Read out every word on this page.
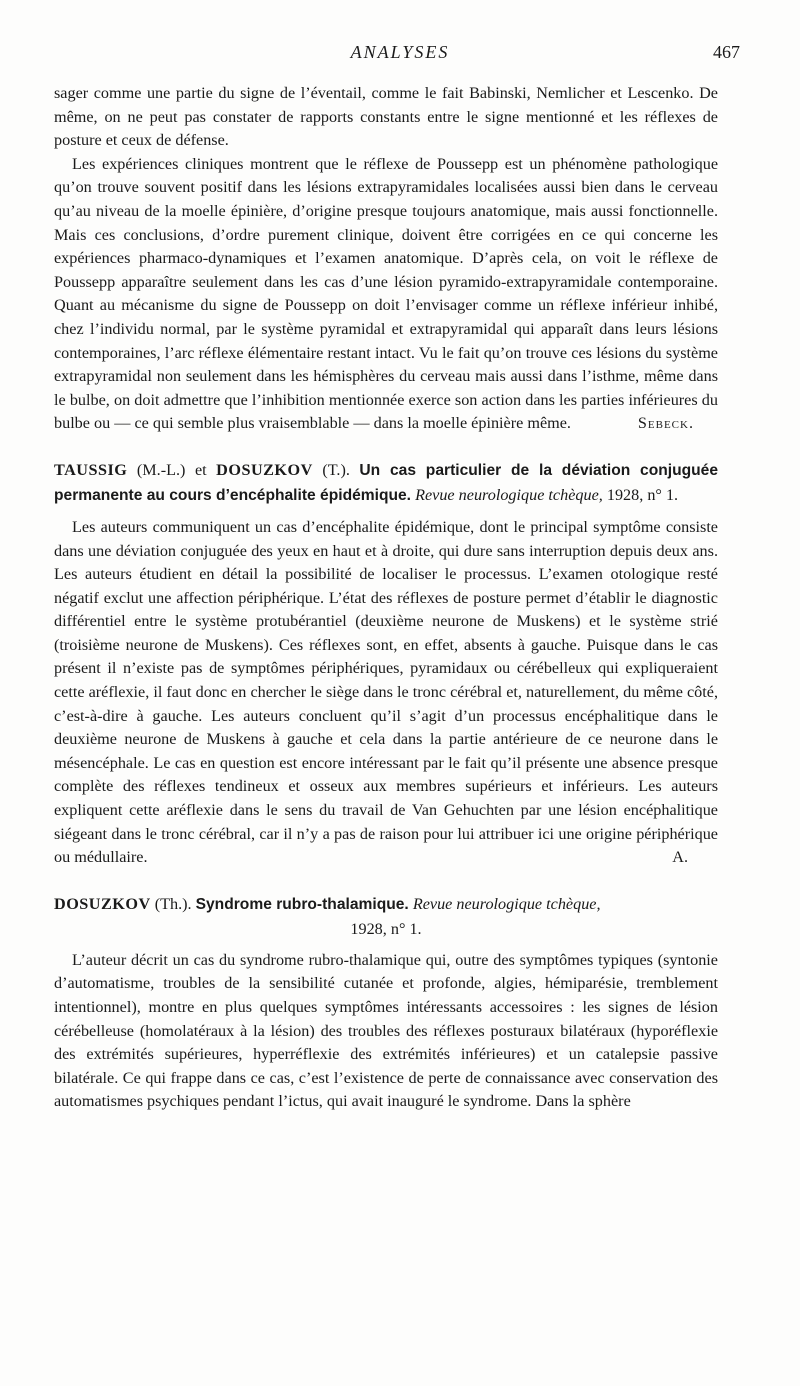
ANALYSES	467

sager comme une partie du signe de l’éventail, comme le fait Babinski, Nemlicher et Lescenko. De même, on ne peut pas constater de rapports constants entre le signe mentionné et les réflexes de posture et ceux de défense.

Les expériences cliniques montrent que le réflexe de Poussepp est un phénomène pathologique qu’on trouve souvent positif dans les lésions extrapyramidales localisées aussi bien dans le cerveau qu’au niveau de la moelle épinière, d’origine presque toujours anatomique, mais aussi fonctionnelle. Mais ces conclusions, d’ordre purement clinique, doivent être corrigées en ce qui concerne les expériences pharmaco-dynamiques et l’examen anatomique. D’après cela, on voit le réflexe de Poussepp apparaître seulement dans les cas d’une lésion pyramido-extrapyramidale contemporaine. Quant au mécanisme du signe de Poussepp on doit l’envisager comme un réflexe inférieur inhibé, chez l’individu normal, par le système pyramidal et extrapyramidal qui apparaît dans leurs lésions contemporaines, l’arc réflexe élémentaire restant intact. Vu le fait qu’on trouve ces lésions du système extrapyramidal non seulement dans les hémisphères du cerveau mais aussi dans l’isthme, même dans le bulbe, on doit admettre que l’inhibition mentionnée exerce son action dans les parties inférieures du bulbe ou — ce qui semble plus vraisemblable — dans la moelle épinière même.	Sebeck.

TAUSSIG (M.-L.) et DOSUZKOV (T.). Un cas particulier de la déviation conjuguée permanente au cours d’encéphalite épidémique. Revue neurologique tchèque, 1928, n° 1.

Les auteurs communiquent un cas d’encéphalite épidémique, dont le principal symptôme consiste dans une déviation conjuguée des yeux en haut et à droite, qui dure sans interruption depuis deux ans. Les auteurs étudient en détail la possibilité de localiser le processus. L’examen otologique resté négatif exclut une affection périphérique. L’état des réflexes de posture permet d’établir le diagnostic différentiel entre le système protubérantiel (deuxième neurone de Muskens) et le système strié (troisième neurone de Muskens). Ces réflexes sont, en effet, absents à gauche. Puisque dans le cas présent il n’existe pas de symptômes périphériques, pyramidaux ou cérébelleux qui expliqueraient cette aréflexie, il faut donc en chercher le siège dans le tronc cérébral et, naturellement, du même côté, c’est-à-dire à gauche. Les auteurs concluent qu’il s’agit d’un processus encéphalitique dans le deuxième neurone de Muskens à gauche et cela dans la partie antérieure de ce neurone dans le mésencéphale. Le cas en question est encore intéressant par le fait qu’il présente une absence presque complète des réflexes tendineux et osseux aux membres supérieurs et inférieurs. Les auteurs expliquent cette aréflexie dans le sens du travail de Van Gehuchten par une lésion encéphalitique siégeant dans le tronc cérébral, car il n’y a pas de raison pour lui attribuer ici une origine périphérique ou médullaire.	A.

DOSUZKOV (Th.). Syndrome rubro-thalamique. Revue neurologique tchèque,
1928, n° 1.

L’auteur décrit un cas du syndrome rubro-thalamique qui, outre des symptômes typiques (syntonie d’automatisme, troubles de la sensibilité cutanée et profonde, algies, hémiparésie, tremblement intentionnel), montre en plus quelques symptômes intéressants accessoires : les signes de lésion cérébelleuse (homolatéraux à la lésion) des troubles des réflexes posturaux bilatéraux (hyporéflexie des extrémités supérieures, hyperréflexie des extrémités inférieures) et un catalepsie passive bilatérale. Ce qui frappe dans ce cas, c’est l’existence de perte de connaissance avec conservation des automatismes psychiques pendant l’ictus, qui avait inauguré le syndrome. Dans la sphère
